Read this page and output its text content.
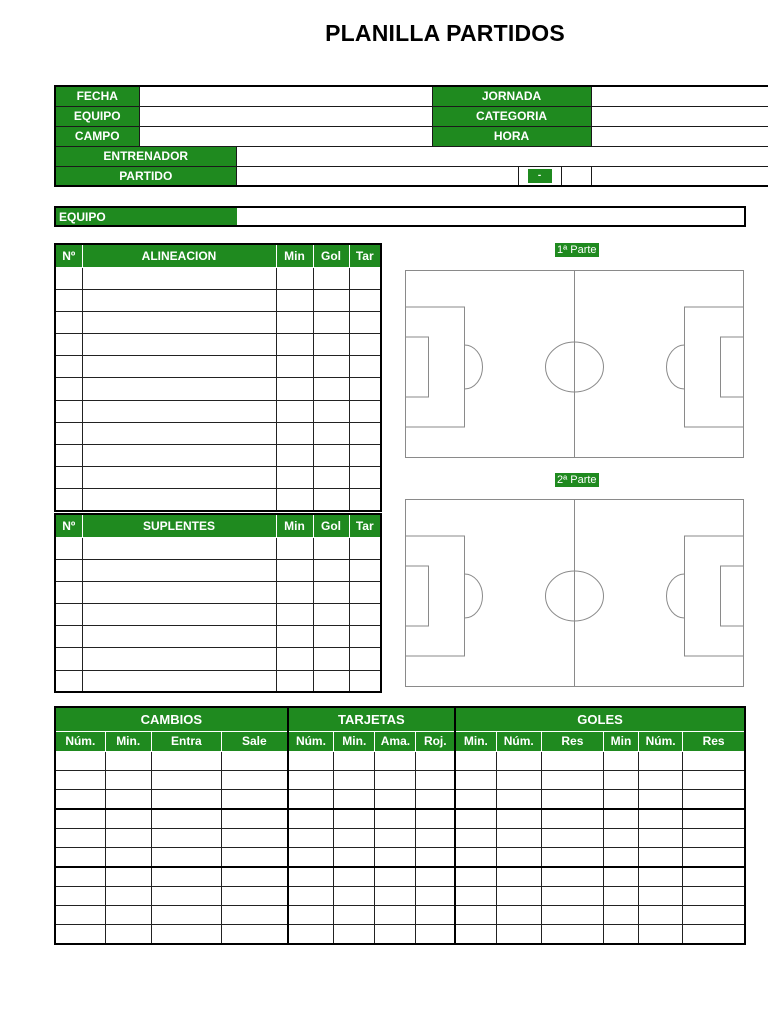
PLANILLA PARTIDOS
FECHA			JORNADA			
EQUIPO			CATEGORIA			
CAMPO			HORA			
ENTRENADOR						
PARTIDO				-		

EQUIPO	
Nº	ALINEACION	Min	Gol	Tar

Nº	SUPLENTES	Min	Gol	Tar

1ª Parte
2ª Parte
CAMBIOS				TARJETAS				GOLES					
Núm.	Min.	Entra	Sale	Núm.	Min.	Ama.	Roj.	Min.	Núm.	Res	Min	Núm.	Res
